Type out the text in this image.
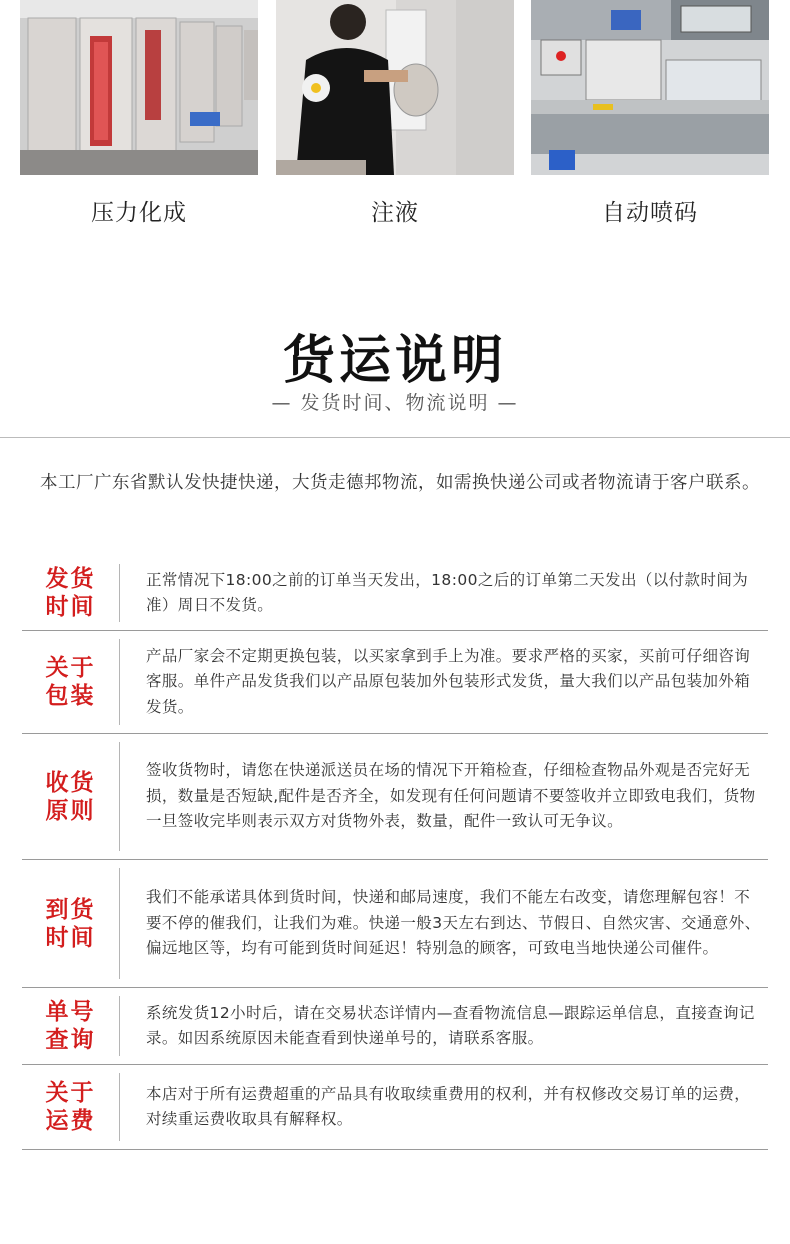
压力化成	注液	自动喷码
货运说明
— 发货时间、物流说明 —
本工厂广东省默认发快捷快递，大货走德邦物流，如需换快递公司或者物流请于客户联系。
发货
时间
正常情况下18:00之前的订单当天发出，18:00之后的订单第二天发出（以付款时间为准）周日不发货。
关于
包装
产品厂家会不定期更换包装，以买家拿到手上为准。要求严格的买家，买前可仔细咨询客服。单件产品发货我们以产品原包装加外包装形式发货，量大我们以产品包装加外箱发货。
收货
原则
签收货物时，请您在快递派送员在场的情况下开箱检查，仔细检查物品外观是否完好无损，数量是否短缺,配件是否齐全，如发现有任何问题请不要签收并立即致电我们，货物一旦签收完毕则表示双方对货物外表，数量，配件一致认可无争议。
到货
时间
我们不能承诺具体到货时间，快递和邮局速度，我们不能左右改变，请您理解包容！不要不停的催我们，让我们为难。快递一般3天左右到达、节假日、自然灾害、交通意外、偏远地区等，均有可能到货时间延迟！特别急的顾客，可致电当地快递公司催件。
单号
查询
系统发货12小时后，请在交易状态详情内—查看物流信息—跟踪运单信息，直接查询记录。如因系统原因未能查看到快递单号的，请联系客服。
关于
运费
本店对于所有运费超重的产品具有收取续重费用的权利，并有权修改交易订单的运费，对续重运费收取具有解释权。
